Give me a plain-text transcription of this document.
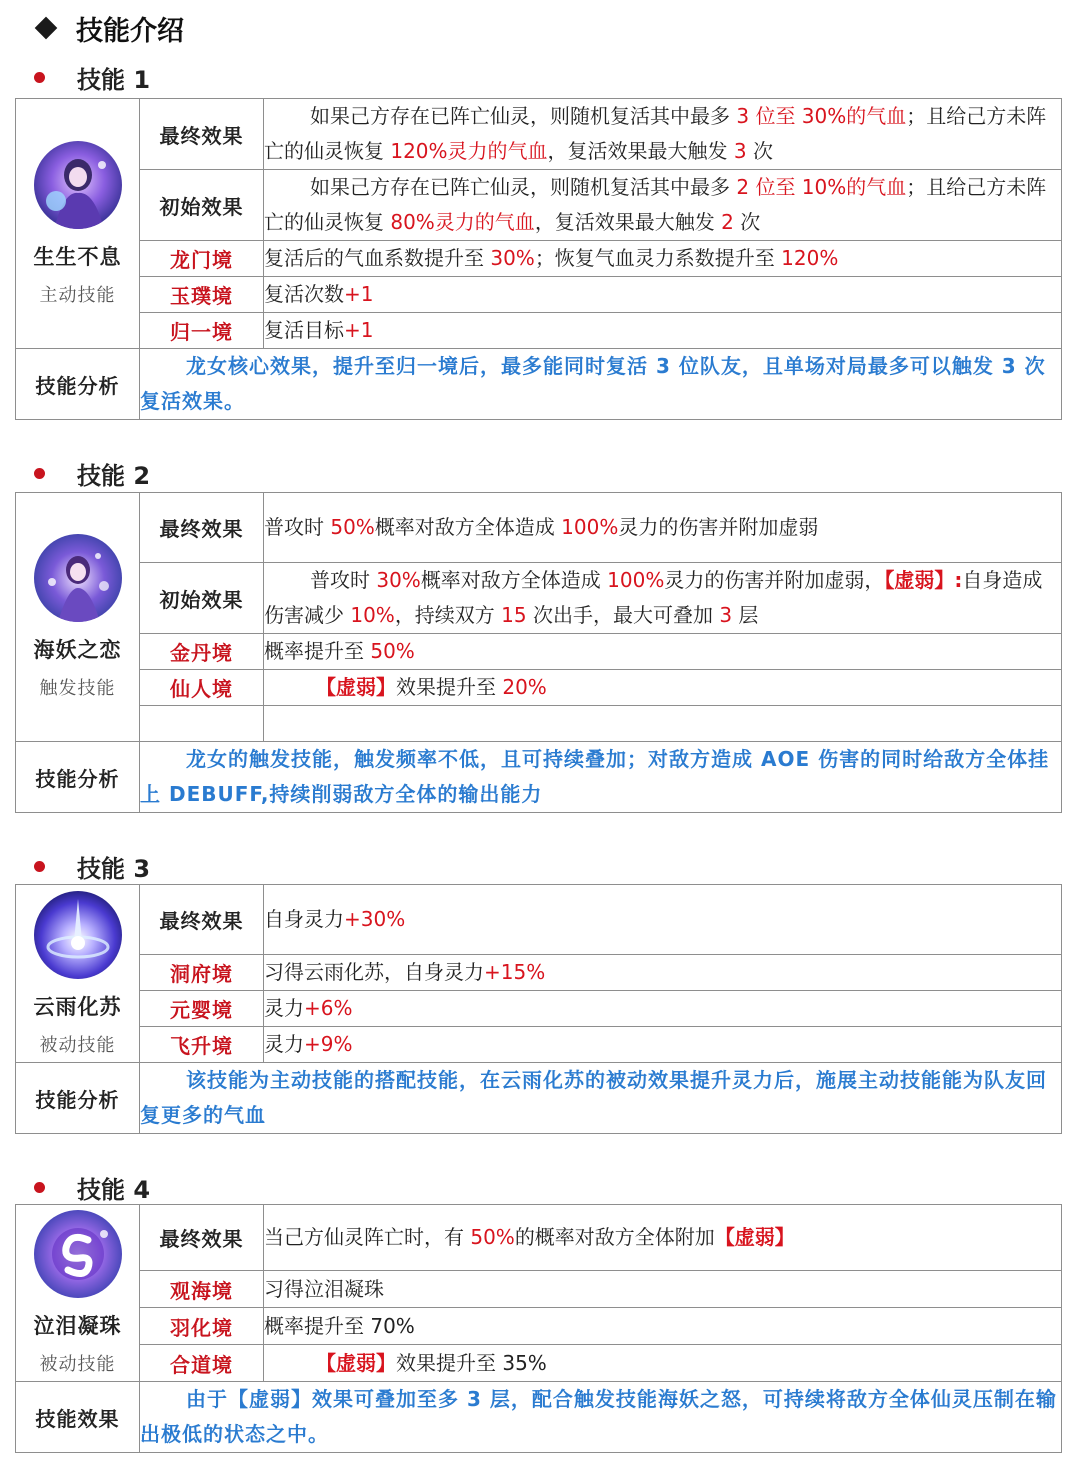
技能介绍
技能 1
生生不息
主动技能	最终效果	如果己方存在已阵亡仙灵，则随机复活其中最多 3 位至 30%的气血；且给己方未阵亡的仙灵恢复 120%灵力的气血，复活效果最大触发 3 次
	初始效果	如果己方存在已阵亡仙灵，则随机复活其中最多 2 位至 10%的气血；且给己方未阵亡的仙灵恢复 80%灵力的气血，复活效果最大触发 2 次
	龙门境	复活后的气血系数提升至 30%；恢复气血灵力系数提升至 120%
	玉璞境	复活次数+1
	归一境	复活目标+1
技能分析	龙女核心效果，提升至归一境后，最多能同时复活 3 位队友，且单场对局最多可以触发 3 次复活效果。	
技能 2
海妖之恋
触发技能	最终效果	普攻时 50%概率对敌方全体造成 100%灵力的伤害并附加虚弱
	初始效果	普攻时 30%概率对敌方全体造成 100%灵力的伤害并附加虚弱，【虚弱】:自身造成伤害减少 10%，持续双方 15 次出手，最大可叠加 3 层
	金丹境	概率提升至 50%
	仙人境	【虚弱】效果提升至 20%

技能分析	龙女的触发技能，触发频率不低，且可持续叠加；对敌方造成 AOE 伤害的同时给敌方全体挂上 DEBUFF,持续削弱敌方全体的输出能力	
技能 3
云雨化苏
被动技能	最终效果	自身灵力+30%
	洞府境	习得云雨化苏，自身灵力+15%
	元婴境	灵力+6%
	飞升境	灵力+9%
技能分析	该技能为主动技能的搭配技能，在云雨化苏的被动效果提升灵力后，施展主动技能能为队友回复更多的气血	
技能 4
泣泪凝珠
被动技能	最终效果	当己方仙灵阵亡时，有 50%的概率对敌方全体附加【虚弱】
	观海境	习得泣泪凝珠
	羽化境	概率提升至 70%
	合道境	【虚弱】效果提升至 35%
技能效果	由于【虚弱】效果可叠加至多 3 层，配合触发技能海妖之怒，可持续将敌方全体仙灵压制在输出极低的状态之中。	
